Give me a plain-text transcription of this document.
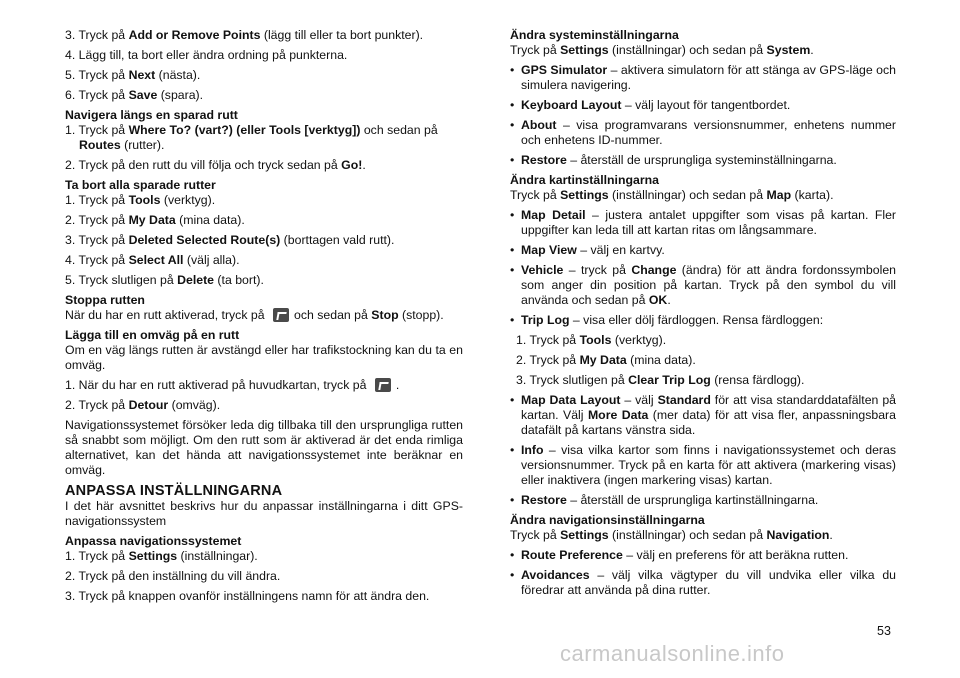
3. Tryck på Add or Remove Points (lägg till eller ta bort punkter).

4. Lägg till, ta bort eller ändra ordning på punkterna.

5. Tryck på Next (nästa).

6. Tryck på Save (spara).

Navigera längs en sparad rutt

1. Tryck på Where To? (vart?) (eller Tools [verktyg]) och sedan på Routes (rutter).

2. Tryck på den rutt du vill följa och tryck sedan på Go!.

Ta bort alla sparade rutter

1. Tryck på Tools (verktyg).

2. Tryck på My Data (mina data).

3. Tryck på Deleted Selected Route(s) (borttagen vald rutt).

4. Tryck på Select All (välj alla).

5. Tryck slutligen på Delete (ta bort).

Stoppa rutten

När du har en rutt aktiverad, tryck på och sedan på Stop (stopp).

Lägga till en omväg på en rutt

Om en väg längs rutten är avstängd eller har trafikstockning kan du ta en omväg.

1. När du har en rutt aktiverad på huvudkartan, tryck på .

2. Tryck på Detour (omväg).

Navigationssystemet försöker leda dig tillbaka till den ursprungliga rutten så snabbt som möjligt. Om den rutt som är aktiverad är det enda rimliga alternativet, kan det hända att navigationssystemet inte beräknar en omväg.

ANPASSA INSTÄLLNINGARNA

I det här avsnittet beskrivs hur du anpassar inställningarna i ditt GPS-navigationssystem

Anpassa navigationssystemet

1. Tryck på Settings (inställningar).

2. Tryck på den inställning du vill ändra.

3. Tryck på knappen ovanför inställningens namn för att ändra den.

Ändra systeminställningarna

Tryck på Settings (inställningar) och sedan på System.

• GPS Simulator – aktivera simulatorn för att stänga av GPS-läge och simulera navigering.

• Keyboard Layout – välj layout för tangentbordet.

• About – visa programvarans versionsnummer, enhetens nummer och enhetens ID-nummer.

• Restore – återställ de ursprungliga systeminställningarna.

Ändra kartinställningarna

Tryck på Settings (inställningar) och sedan på Map (karta).

• Map Detail – justera antalet uppgifter som visas på kartan. Fler uppgifter kan leda till att kartan ritas om långsammare.

• Map View – välj en kartvy.

• Vehicle – tryck på Change (ändra) för att ändra fordonssymbolen som anger din position på kartan. Tryck på den symbol du vill använda och sedan på OK.

• Trip Log – visa eller dölj färdloggen. Rensa färdloggen:

1. Tryck på Tools (verktyg).

2. Tryck på My Data (mina data).

3. Tryck slutligen på Clear Trip Log (rensa färdlogg).

• Map Data Layout – välj Standard för att visa standarddatafälten på kartan. Välj More Data (mer data) för att visa fler, anpassningsbara datafält på kartans vänstra sida.

• Info – visa vilka kartor som finns i navigationssystemet och deras versionsnummer. Tryck på en karta för att aktivera (markering visas) eller inaktivera (ingen markering visas) kartan.

• Restore – återställ de ursprungliga kartinställningarna.

Ändra navigationsinställningarna

Tryck på Settings (inställningar) och sedan på Navigation.

• Route Preference – välj en preferens för att beräkna rutten.

• Avoidances – välj vilka vägtyper du vill undvika eller vilka du föredrar att använda på dina rutter.

53
carmanualsonline.info
